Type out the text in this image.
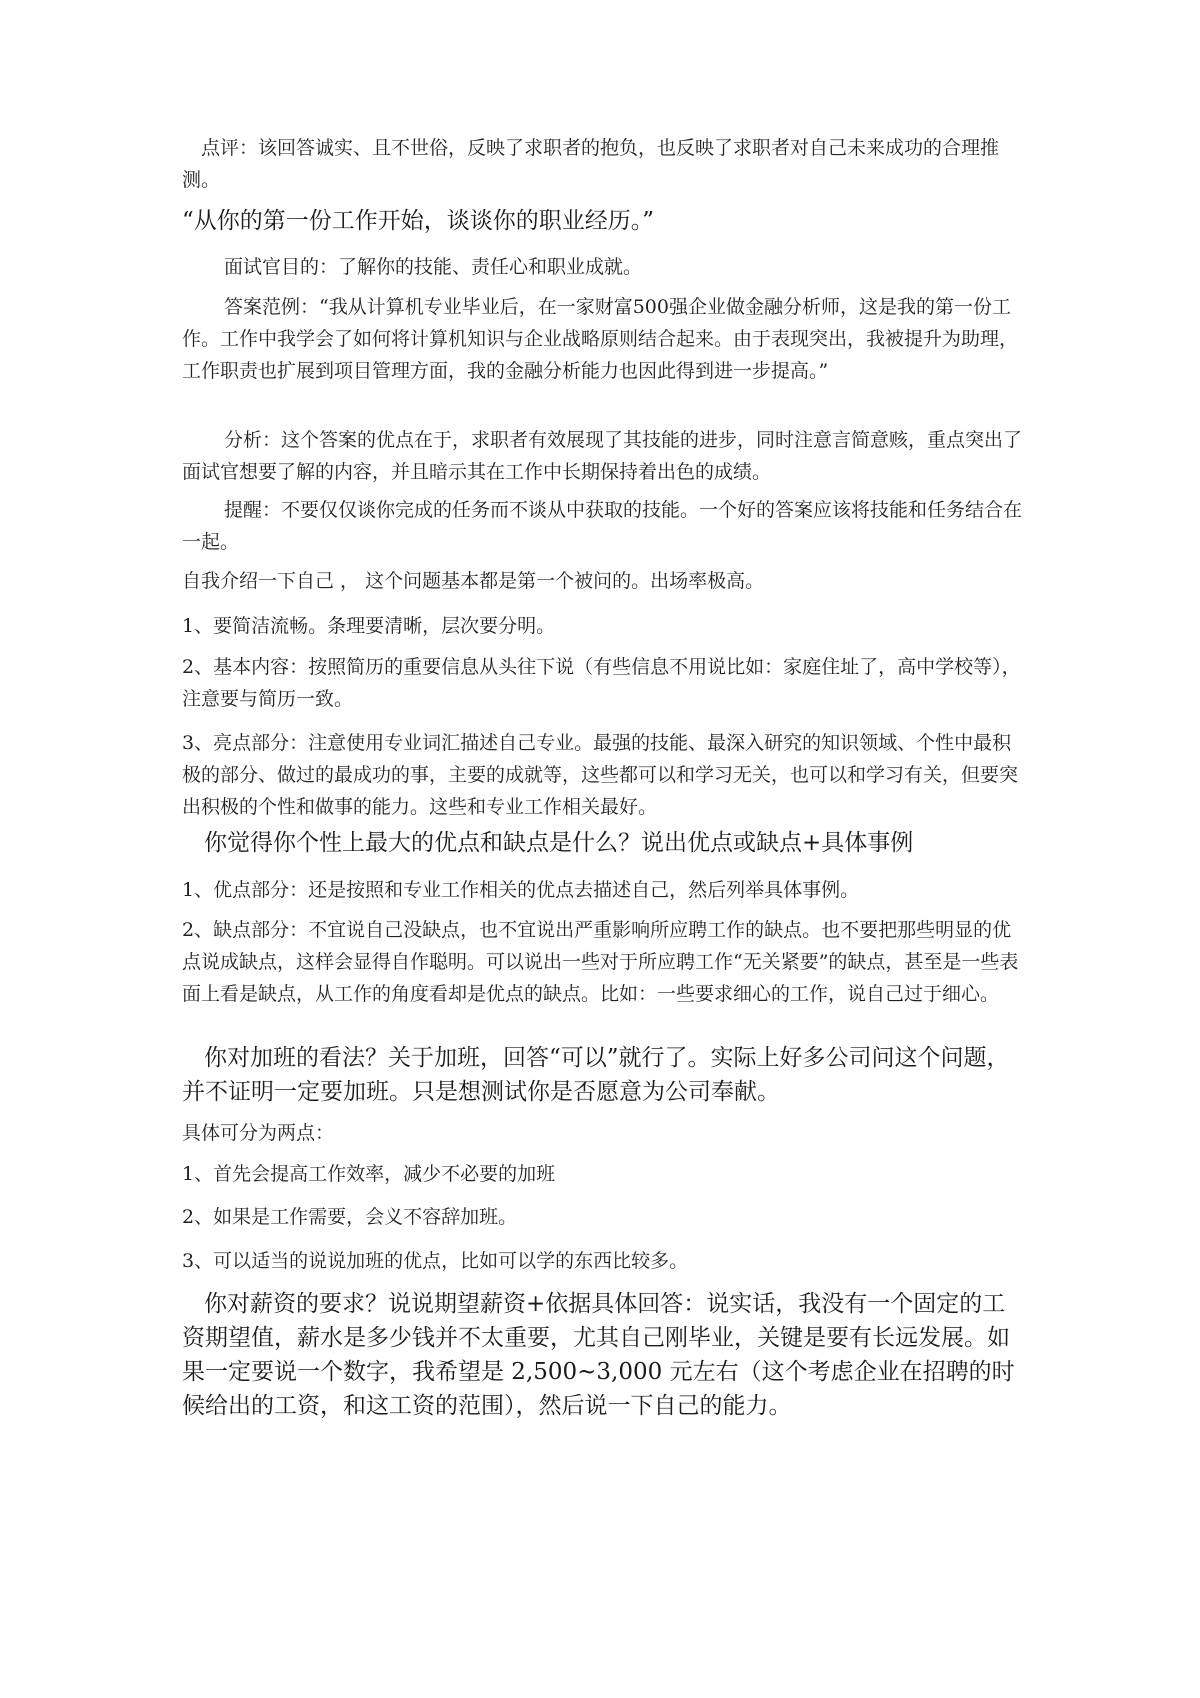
点评：该回答诚实、且不世俗，反映了求职者的抱负，也反映了求职者对自己未来成功的合理推测。

“从你的第一份工作开始，谈谈你的职业经历。”

面试官目的：了解你的技能、责任心和职业成就。

答案范例：“我从计算机专业毕业后，在一家财富500强企业做金融分析师，这是我的第一份工作。工作中我学会了如何将计算机知识与企业战略原则结合起来。由于表现突出，我被提升为助理，工作职责也扩展到项目管理方面，我的金融分析能力也因此得到进一步提高。”

分析：这个答案的优点在于，求职者有效展现了其技能的进步，同时注意言简意赅，重点突出了面试官想要了解的内容，并且暗示其在工作中长期保持着出色的成绩。

提醒：不要仅仅谈你完成的任务而不谈从中获取的技能。一个好的答案应该将技能和任务结合在一起。

自我介绍一下自己 ， 这个问题基本都是第一个被问的。出场率极高。

1、要简洁流畅。条理要清晰，层次要分明。

2、基本内容：按照简历的重要信息从头往下说（有些信息不用说比如：家庭住址了，高中学校等），注意要与简历一致。

3、亮点部分：注意使用专业词汇描述自己专业。最强的技能、最深入研究的知识领域、个性中最积极的部分、做过的最成功的事，主要的成就等，这些都可以和学习无关，也可以和学习有关，但要突出积极的个性和做事的能力。这些和专业工作相关最好。

你觉得你个性上最大的优点和缺点是什么？说出优点或缺点+具体事例

1、优点部分：还是按照和专业工作相关的优点去描述自己，然后列举具体事例。

2、缺点部分：不宜说自己没缺点，也不宜说出严重影响所应聘工作的缺点。也不要把那些明显的优点说成缺点，这样会显得自作聪明。可以说出一些对于所应聘工作“无关紧要”的缺点，甚至是一些表面上看是缺点，从工作的角度看却是优点的缺点。比如：一些要求细心的工作，说自己过于细心。

你对加班的看法？关于加班，回答“可以”就行了。实际上好多公司问这个问题，并不证明一定要加班。只是想测试你是否愿意为公司奉献。

具体可分为两点：

1、首先会提高工作效率，减少不必要的加班

2、如果是工作需要，会义不容辞加班。

3、可以适当的说说加班的优点，比如可以学的东西比较多。

你对薪资的要求？说说期望薪资+依据具体回答：说实话，我没有一个固定的工资期望值，薪水是多少钱并不太重要，尤其自己刚毕业，关键是要有长远发展。如果一定要说一个数字，我希望是 2,500~3,000 元左右（这个考虑企业在招聘的时候给出的工资，和这工资的范围），然后说一下自己的能力。
